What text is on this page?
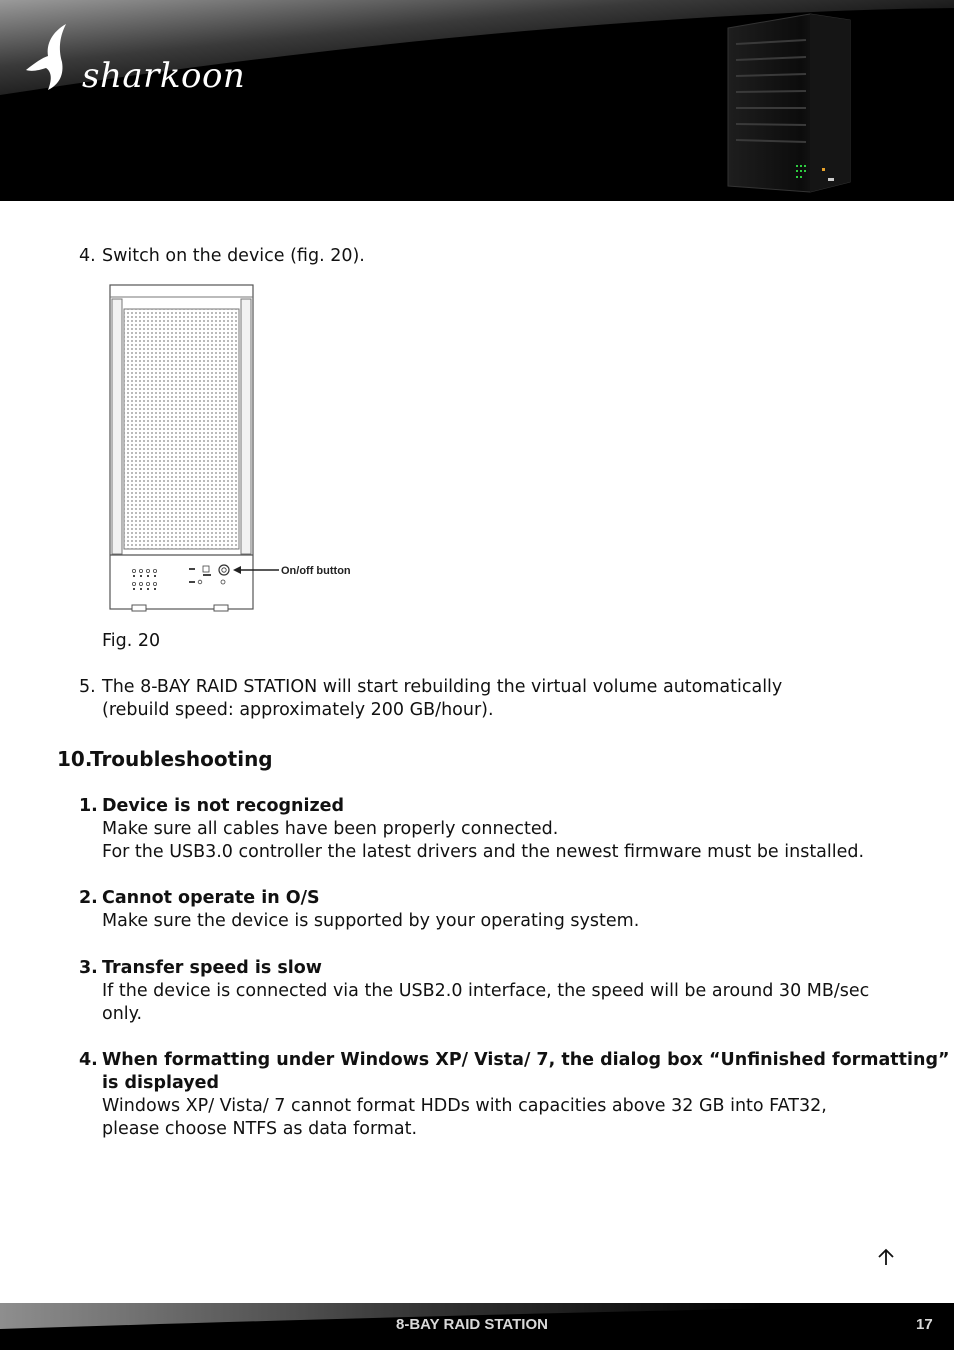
sharkoon
4. Switch on the device (fig. 20).
On/off button
Fig. 20
5. The 8-BAY RAID STATION will start rebuilding the virtual volume automatically
(rebuild speed: approximately 200 GB/hour).
10.
Troubleshooting
1. Device is not recognized
Make sure all cables have been properly connected.
For the USB3.0 controller the latest drivers and the newest firmware must be installed.
2. Cannot operate in O/S
Make sure the device is supported by your operating system.
3. Transfer speed is slow
If the device is connected via the USB2.0 interface, the speed will be around 30 MB/sec
only.
4. When formatting under Windows XP/ Vista/ 7, the dialog box “Unfinished formatting”
is displayed
Windows XP/ Vista/ 7 cannot format HDDs with capacities above 32 GB into FAT32,
please choose NTFS as data format.
8-BAY RAID STATION	17
